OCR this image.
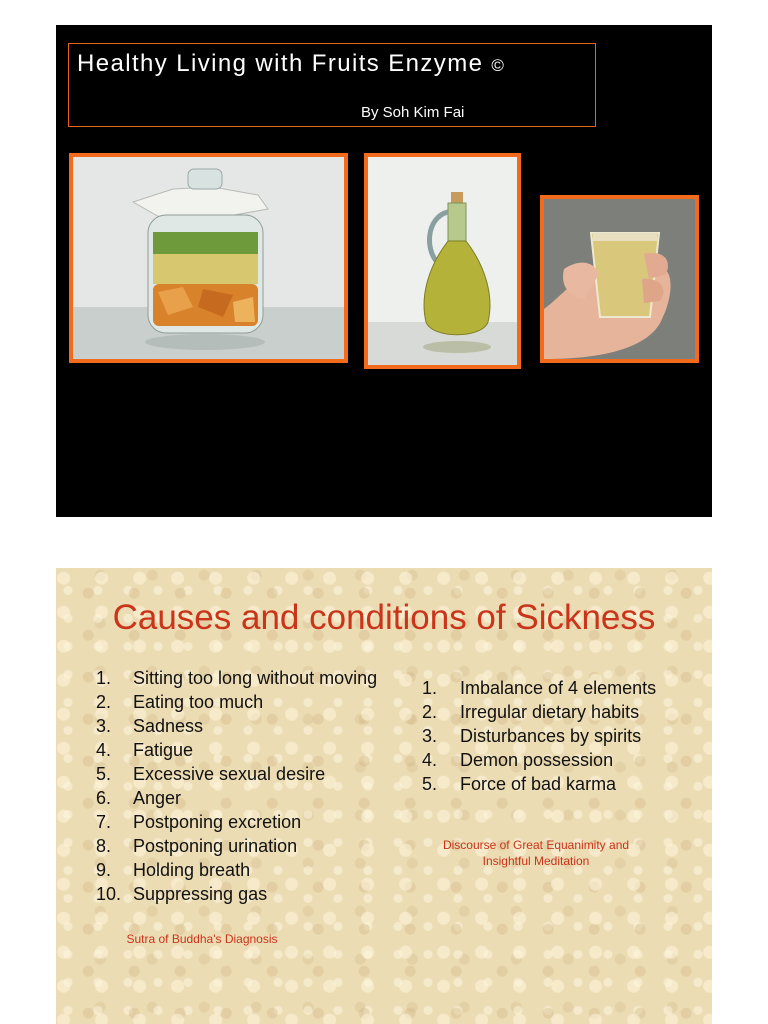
Healthy Living with Fruits Enzyme ©
By Soh Kim Fai
Causes and conditions of Sickness
1. Sitting too long without moving
2. Eating too much
3. Sadness
4. Fatigue
5. Excessive sexual desire
6. Anger
7. Postponing excretion
8. Postponing urination
9. Holding breath
10. Suppressing gas
1. Imbalance of 4 elements
2. Irregular dietary habits
3. Disturbances by spirits
4. Demon possession
5. Force of bad karma
Discourse of Great Equanimity and
Insightful Meditation
Sutra of Buddha's Diagnosis
